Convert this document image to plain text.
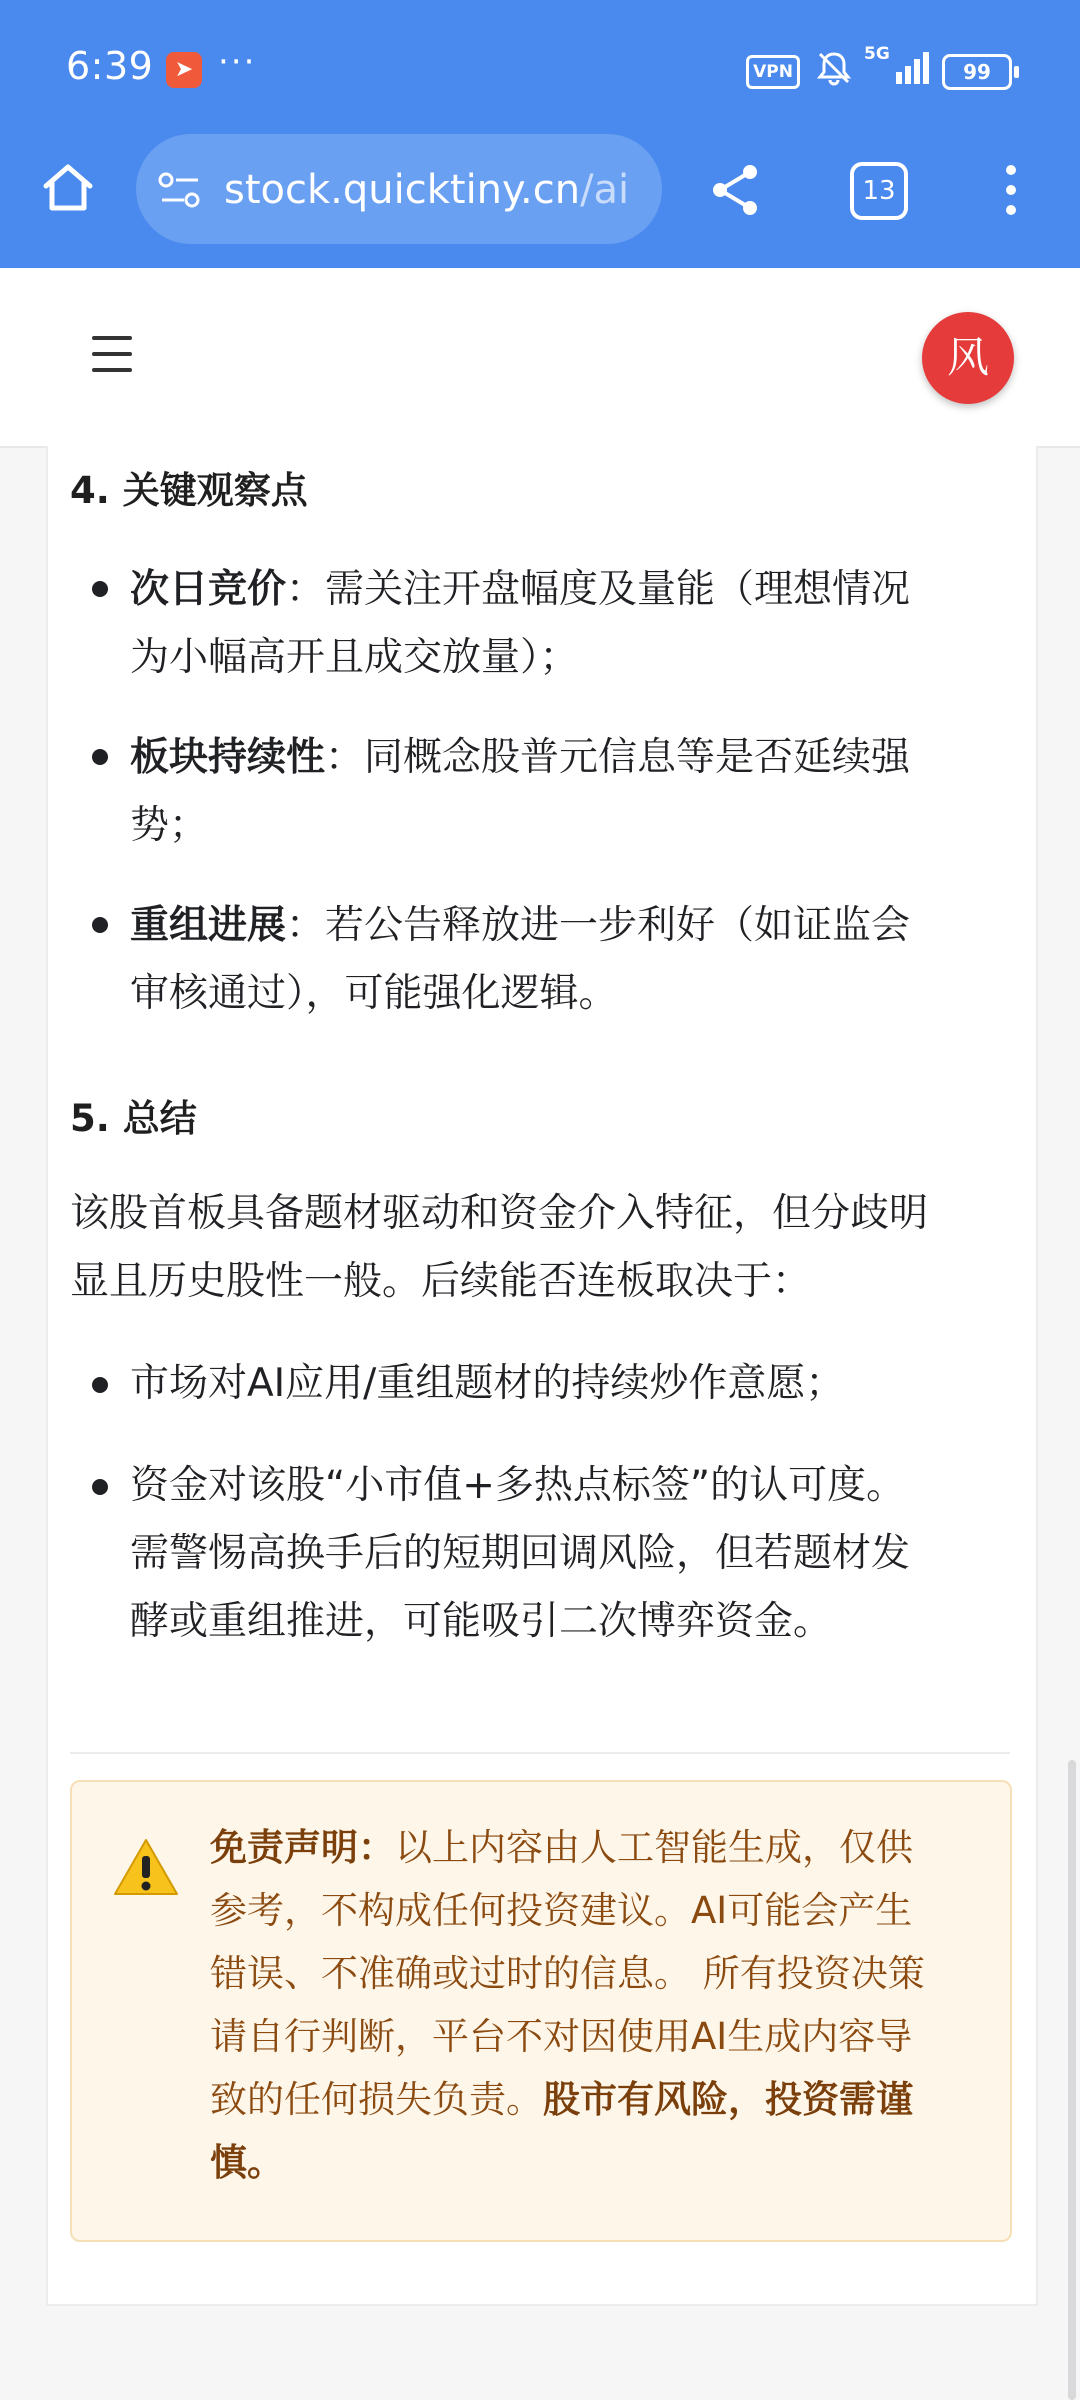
6:39 ➤ ···	VPN
5G
99
stock.quicktiny.cn/ai	13
风
4. 关键观察点
次日竞价：需关注开盘幅度及量能（理想情况
为小幅高开且成交放量）；
板块持续性：同概念股普元信息等是否延续强
势；
重组进展：若公告释放进一步利好（如证监会
审核通过），可能强化逻辑。
5. 总结
该股首板具备题材驱动和资金介入特征，但分歧明
显且历史股性一般。后续能否连板取决于：
市场对AI应用/重组题材的持续炒作意愿；
资金对该股“小市值+多热点标签”的认可度。
需警惕高换手后的短期回调风险，但若题材发
酵或重组推进，可能吸引二次博弈资金。
免责声明：以上内容由人工智能生成，仅供
参考，不构成任何投资建议。AI可能会产生
错误、不准确或过时的信息。 所有投资决策
请自行判断，平台不对因使用AI生成内容导
致的任何损失负责。股市有风险，投资需谨
慎。
